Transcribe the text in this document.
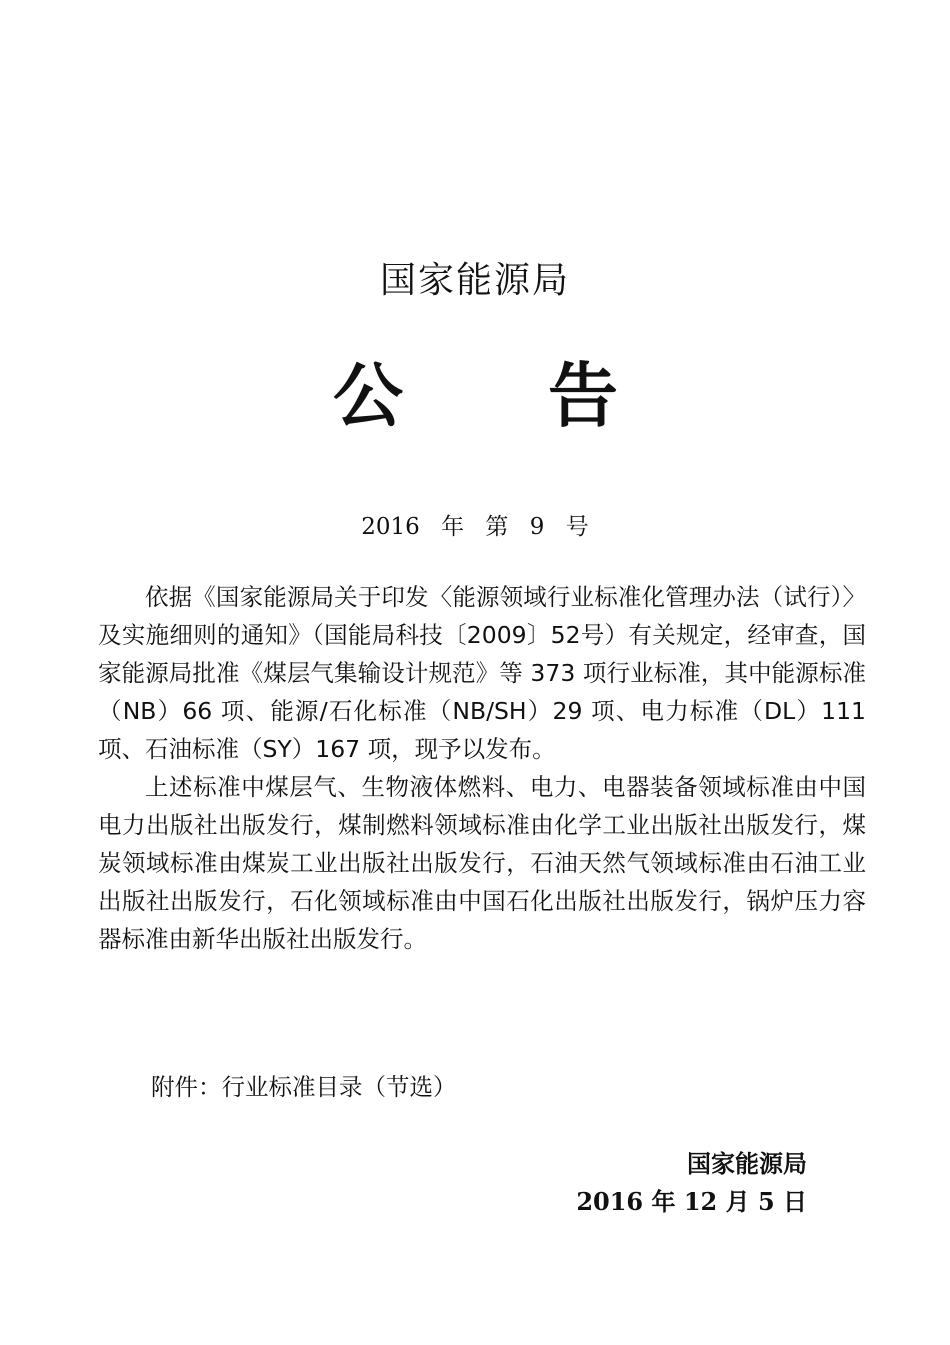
国家能源局
公 告
2016 年 第 9 号

依据《国家能源局关于印发〈能源领域行业标准化管理办法（试行）〉及实施细则的通知》（国能局科技〔2009〕52号）有关规定，经审查，国家能源局批准《煤层气集输设计规范》等 373 项行业标准，其中能源标准（NB）66 项、能源/石化标准（NB/SH）29 项、电力标准（DL）111 项、石油标准（SY）167 项，现予以发布。

上述标准中煤层气、生物液体燃料、电力、电器装备领域标准由中国电力出版社出版发行，煤制燃料领域标准由化学工业出版社出版发行，煤炭领域标准由煤炭工业出版社出版发行，石油天然气领域标准由石油工业出版社出版发行，石化领域标准由中国石化出版社出版发行，锅炉压力容器标准由新华出版社出版发行。

附件：行业标准目录（节选）
国家能源局
2016 年 12 月 5 日
